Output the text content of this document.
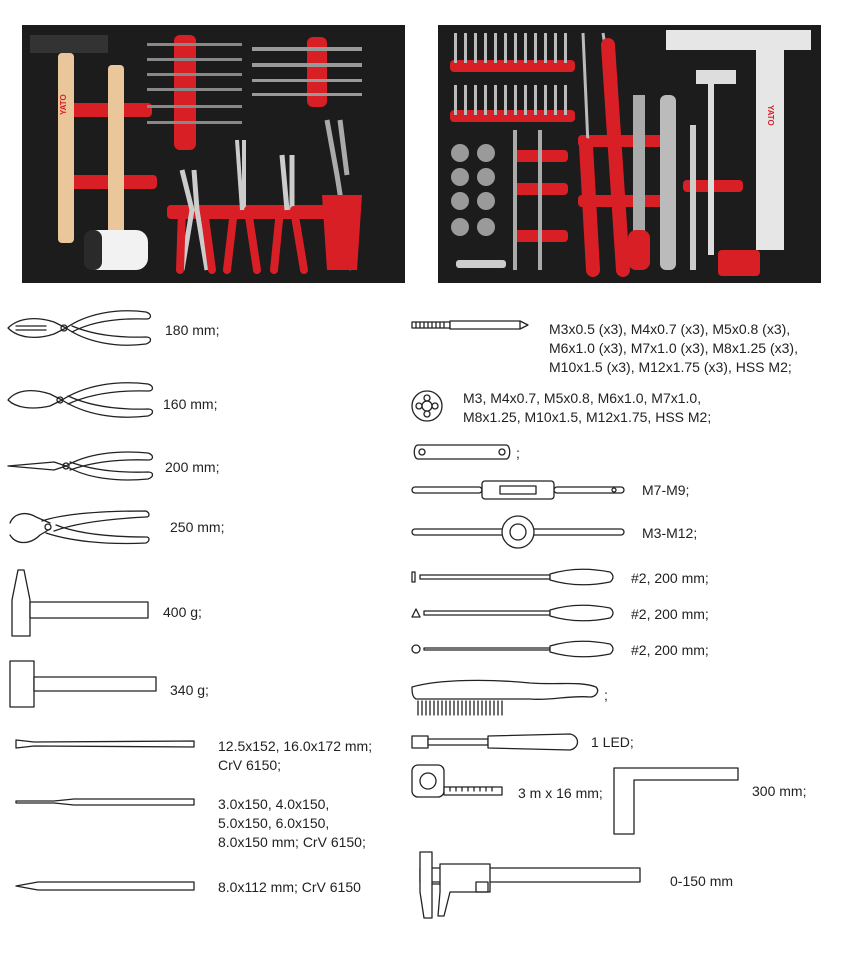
YATO
YATO
180 mm;
160 mm;
200 mm;
250 mm;
400 g;
340 g;
12.5x152, 16.0x172 mm;
CrV 6150;
3.0x150, 4.0x150,
5.0x150, 6.0x150,
8.0x150 mm; CrV 6150;
8.0x112 mm; CrV 6150
M3x0.5 (x3), M4x0.7 (x3), M5x0.8 (x3),
M6x1.0 (x3), M7x1.0 (x3), M8x1.25 (x3),
M10x1.5 (x3), M12x1.75 (x3), HSS M2;
M3, M4x0.7, M5x0.8, M6x1.0, M7x1.0,
M8x1.25, M10x1.5, M12x1.75, HSS M2;
;
M7-M9;
M3-M12;
#2, 200 mm;
#2, 200 mm;
#2, 200 mm;
;
1 LED;
3 m x 16 mm;	300 mm;
0-150 mm
